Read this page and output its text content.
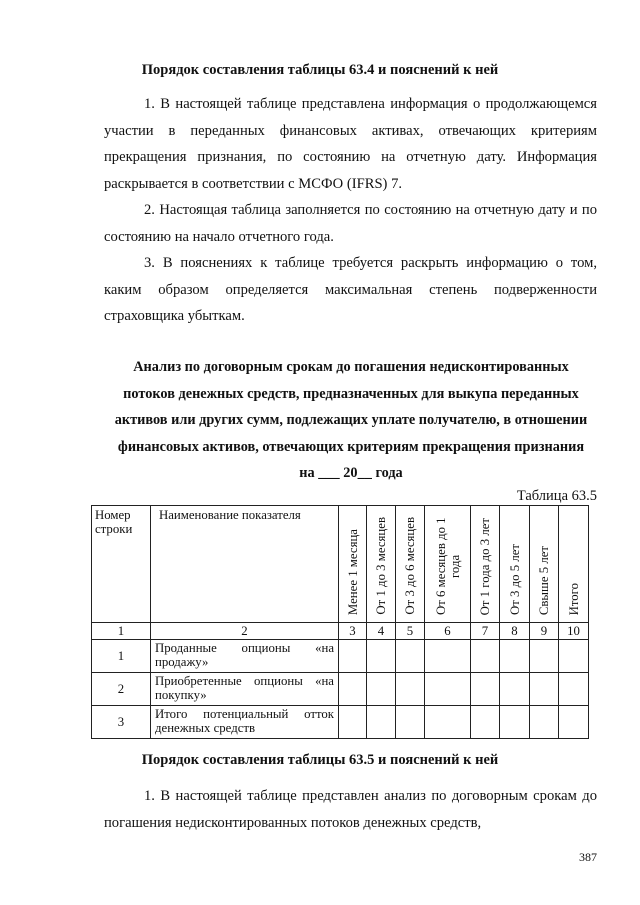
Порядок составления таблицы 63.4 и пояснений к ней
1. В настоящей таблице представлена информация о продолжающемся участии в переданных финансовых активах, отвечающих критериям прекращения признания, по состоянию на отчетную дату. Информация раскрывается в соответствии с МСФО (IFRS) 7.
2. Настоящая таблица заполняется по состоянию на отчетную дату и по состоянию на начало отчетного года.
3. В пояснениях к таблице требуется раскрыть информацию о том, каким образом определяется максимальная степень подверженности страховщика убыткам.
Анализ по договорным срокам до погашения недисконтированных
потоков денежных средств, предназначенных для выкупа переданных
активов или других сумм, подлежащих уплате получателю, в отношении
финансовых активов, отвечающих критериям прекращения признания
на ___ 20__ года
Таблица 63.5
Номер строки	Наименование показателя	Менее 1 месяца	От 1 до 3 месяцев	От 3 до 6 месяцев	От 6 месяцев до 1 года	От 1 года до 3 лет	От 3 до 5 лет	Свыше 5 лет	Итого
1	2	3	4	5	6	7	8	9	10
1	Проданные опционы «на продажу»								
2	Приобретенные опционы «на покупку»								
3	Итого потенциальный отток денежных средств								
Порядок составления таблицы 63.5 и пояснений к ней
1. В настоящей таблице представлен анализ по договорным срокам до погашения недисконтированных потоков денежных средств,
387
